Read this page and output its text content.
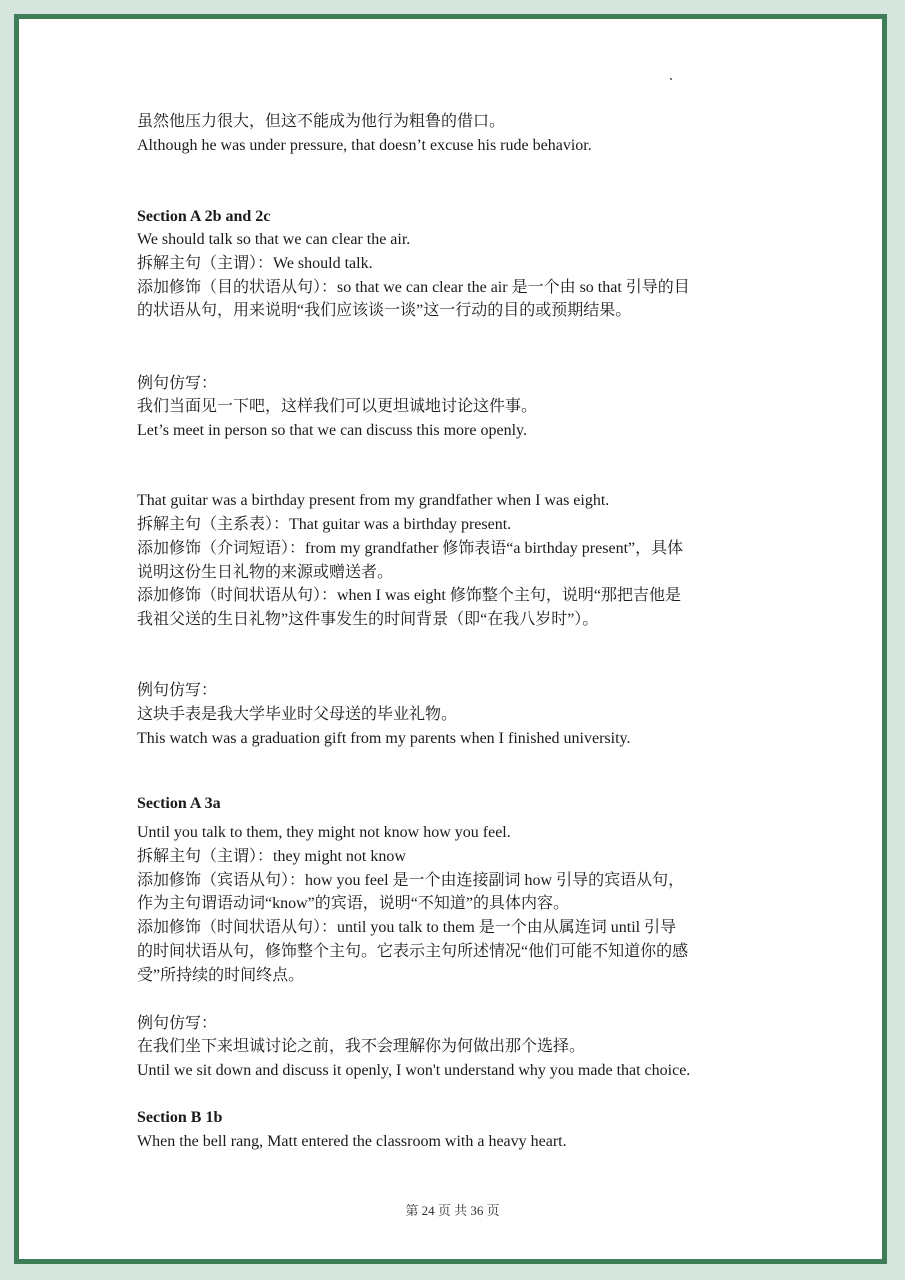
虽然他压力很大，但这不能成为他行为粗鲁的借口。
Although he was under pressure, that doesn’t excuse his rude behavior.
Section A 2b and 2c
We should talk so that we can clear the air.
拆解主句（主谓）：We should talk.
添加修饰（目的状语从句）：so that we can clear the air 是一个由 so that 引导的目
的状语从句，用来说明“我们应该谈一谈”这一行动的目的或预期结果。
例句仿写：
我们当面见一下吧，这样我们可以更坦诚地讨论这件事。
Let’s meet in person so that we can discuss this more openly.
That guitar was a birthday present from my grandfather when I was eight.
拆解主句（主系表）：That guitar was a birthday present.
添加修饰（介词短语）：from my grandfather 修饰表语“a birthday present”，具体
说明这份生日礼物的来源或赠送者。
添加修饰（时间状语从句）：when I was eight 修饰整个主句，说明“那把吉他是
我祖父送的生日礼物”这件事发生的时间背景（即“在我八岁时”）。
例句仿写：
这块手表是我大学毕业时父母送的毕业礼物。
This watch was a graduation gift from my parents when I finished university.
Section A 3a
Until you talk to them, they might not know how you feel.
拆解主句（主谓）：they might not know
添加修饰（宾语从句）：how you feel 是一个由连接副词 how 引导的宾语从句，
作为主句谓语动词“know”的宾语，说明“不知道”的具体内容。
添加修饰（时间状语从句）：until you talk to them 是一个由从属连词 until 引导
的时间状语从句，修饰整个主句。它表示主句所述情况“他们可能不知道你的感
受”所持续的时间终点。
例句仿写：
在我们坐下来坦诚讨论之前，我不会理解你为何做出那个选择。
Until we sit down and discuss it openly, I won't understand why you made that choice.
Section B 1b
When the bell rang, Matt entered the classroom with a heavy heart.
第 24 页 共 36 页
